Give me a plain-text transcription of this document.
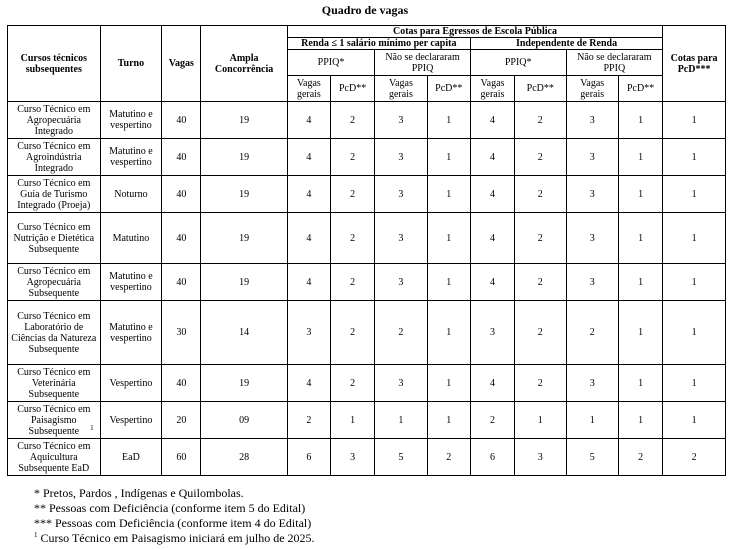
Quadro de vagas
Cursos técnicos subsequentes	Turno	Vagas	Ampla Concorrência	Cotas para Egressos de Escola Pública								Cotas para PcD***
				Renda ≤ 1 salário mínimo per capita				Independente de Renda				
				PPIQ*		Não se declararam PPIQ		PPIQ*		Não se declararam PPIQ		
				Vagas gerais	PcD**	Vagas gerais	PcD**	Vagas gerais	PcD**	Vagas gerais	PcD**	

Curso Técnico em Agropecuária Integrado	Matutino e vespertino	40	19	4	2	3	1	4	2	3	1	1

Curso Técnico em Agroindústria Integrado	Matutino e vespertino	40	19	4	2	3	1	4	2	3	1	1

Curso Técnico em Guia de Turismo Integrado (Proeja)	Noturno	40	19	4	2	3	1	4	2	3	1	1

Curso Técnico em Nutrição e Dietética Subsequente	Matutino	40	19	4	2	3	1	4	2	3	1	1

Curso Técnico em Agropecuária Subsequente	Matutino e vespertino	40	19	4	2	3	1	4	2	3	1	1

Curso Técnico em Laboratório de Ciências da Natureza Subsequente	Matutino e vespertino	30	14	3	2	2	1	3	2	2	1	1

Curso Técnico em Veterinária Subsequente	Vespertino	40	19	4	2	3	1	4	2	3	1	1

Curso Técnico em Paisagismo Subsequente 1	Vespertino	20	09	2	1	1	1	2	1	1	1	1

Curso Técnico em Aquicultura Subsequente EaD	EaD	60	28	6	3	5	2	6	3	5	2	2
* Pretos, Pardos , Indígenas e Quilombolas.
** Pessoas com Deficiência (conforme item 5 do Edital)
*** Pessoas com Deficiência (conforme item 4 do Edital)
$^1$ Curso Técnico em Paisagismo iniciará em julho de 2025.
